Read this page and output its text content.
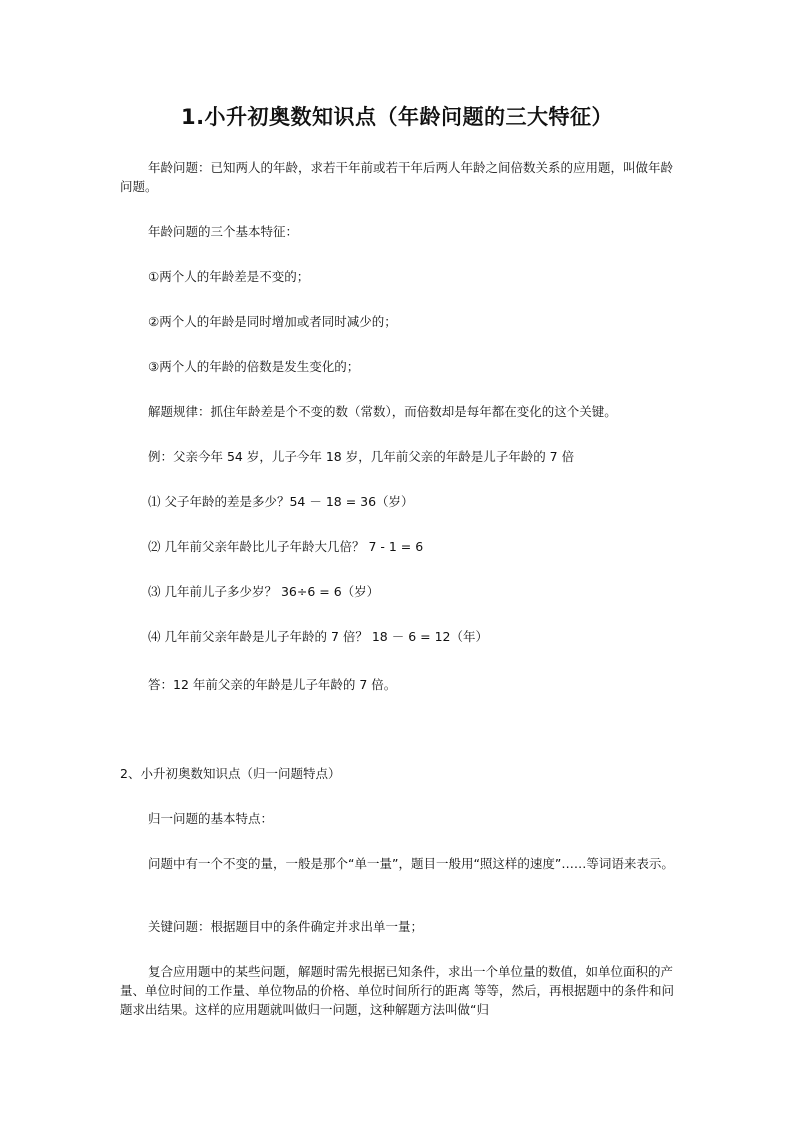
1.小升初奥数知识点（年龄问题的三大特征）

年龄问题：已知两人的年龄，求若干年前或若干年后两人年龄之间倍数关系的应用题，叫做年龄问题。

年龄问题的三个基本特征：

①两个人的年龄差是不变的；

②两个人的年龄是同时增加或者同时减少的；

③两个人的年龄的倍数是发生变化的；

解题规律：抓住年龄差是个不变的数（常数），而倍数却是每年都在变化的这个关键。

例：父亲今年 54 岁，儿子今年 18 岁，几年前父亲的年龄是儿子年龄的 7 倍

⑴ 父子年龄的差是多少？54 － 18 = 36（岁）

⑵ 几年前父亲年龄比儿子年龄大几倍？ 7 - 1 = 6

⑶ 几年前儿子多少岁？ 36÷6 = 6（岁）

⑷ 几年前父亲年龄是儿子年龄的 7 倍？ 18 － 6 = 12（年）

答：12 年前父亲的年龄是儿子年龄的 7 倍。

2、小升初奥数知识点（归一问题特点）

归一问题的基本特点：

问题中有一个不变的量，一般是那个“单一量”，题目一般用“照这样的速度”……等词语来表示。

关键问题：根据题目中的条件确定并求出单一量；

复合应用题中的某些问题，解题时需先根据已知条件，求出一个单位量的数值，如单位面积的产量、单位时间的工作量、单位物品的价格、单位时间所行的距离 等等，然后，再根据题中的条件和问题求出结果。这样的应用题就叫做归一问题，这种解题方法叫做“归
